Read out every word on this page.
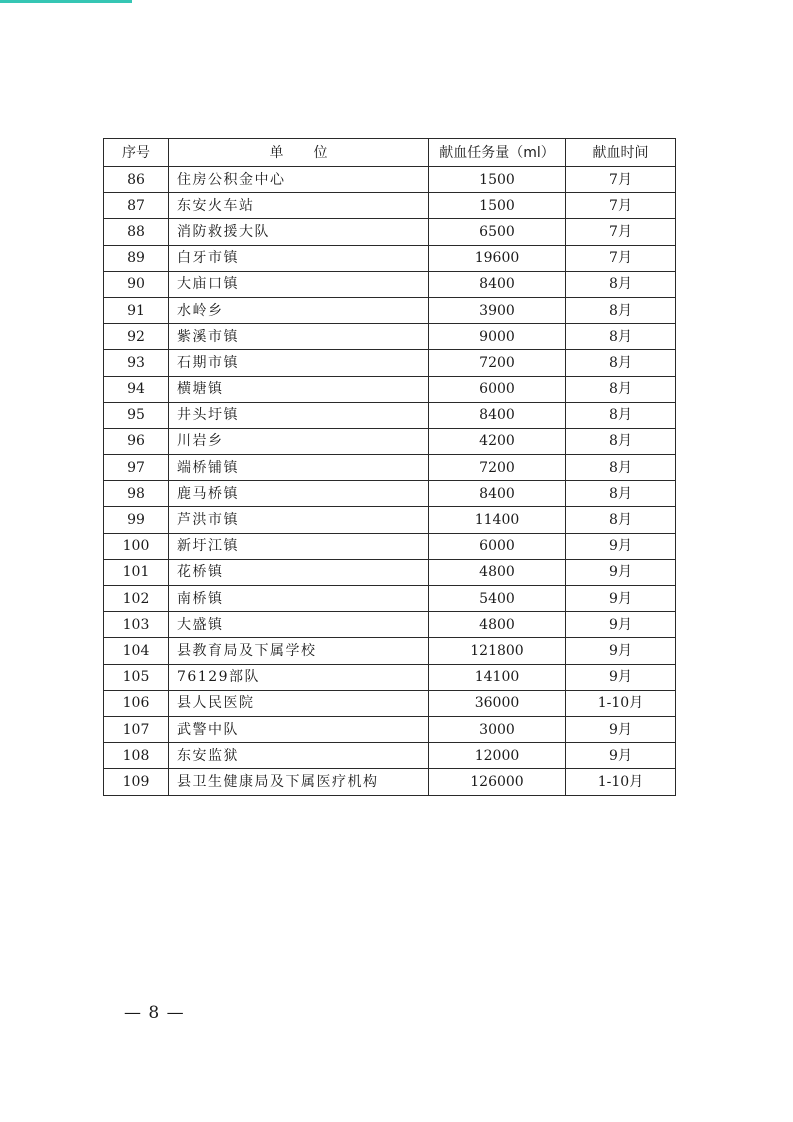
序号	单位	献血任务量（ml）	献血时间
86	住房公积金中心	1500	7月
87	东安火车站	1500	7月
88	消防救援大队	6500	7月
89	白牙市镇	19600	7月
90	大庙口镇	8400	8月
91	水岭乡	3900	8月
92	紫溪市镇	9000	8月
93	石期市镇	7200	8月
94	横塘镇	6000	8月
95	井头圩镇	8400	8月
96	川岩乡	4200	8月
97	端桥铺镇	7200	8月
98	鹿马桥镇	8400	8月
99	芦洪市镇	11400	8月
100	新圩江镇	6000	9月
101	花桥镇	4800	9月
102	南桥镇	5400	9月
103	大盛镇	4800	9月
104	县教育局及下属学校	121800	9月
105	76129部队	14100	9月
106	县人民医院	36000	1-10月
107	武警中队	3000	9月
108	东安监狱	12000	9月
109	县卫生健康局及下属医疗机构	126000	1-10月
— 8 —
